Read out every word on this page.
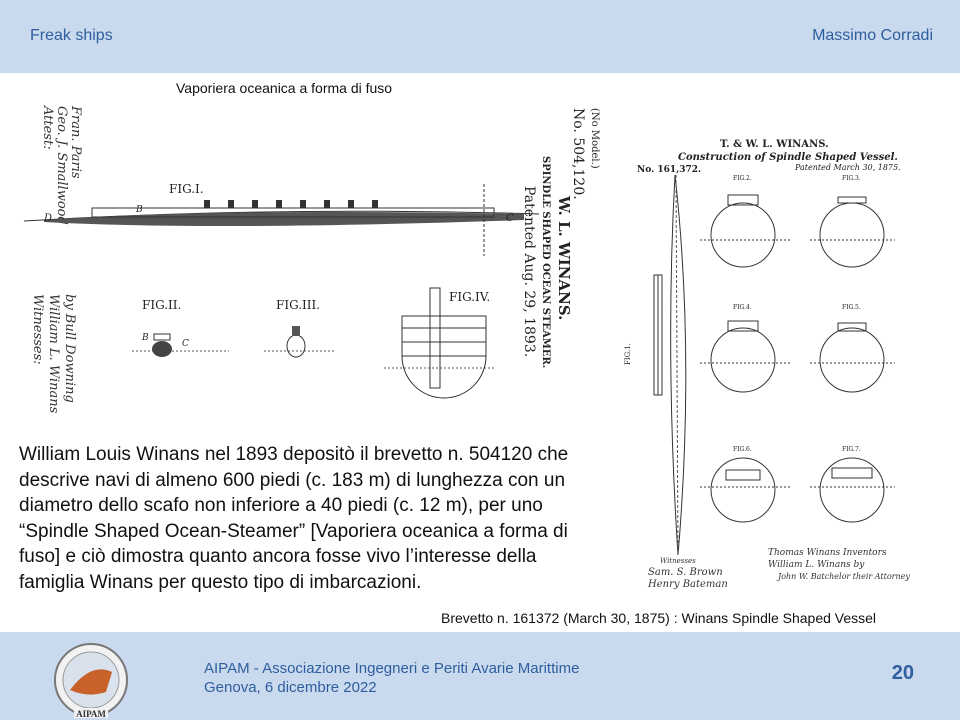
Freak ships	Massimo Corradi
Vaporiera oceanica a forma di fuso
Attest: Geo. J. Smallwood Fran. Paris
FIG.I.
D	C
B
FIG.II.
B
C
FIG.III.
FIG.IV.
Witnesses: William L. Winans by Bull Downing
(No Model.)
No. 504,120.
W. L. WINANS.
SPINDLE SHAPED OCEAN STEAMER.
Patented Aug. 29, 1893.
T. & W. L. WINANS.
Construction of Spindle Shaped Vessel.
No. 161,372.	Patented March 30, 1875.
FIG.1.
FIG.2.	FIG.3.
FIG.4.	FIG.5.
FIG.6.	FIG.7.
Witnesses
Sam. S. Brown
Henry Bateman
Thomas Winans Inventors
William L. Winans by
John W. Batchelor their Attorney

William Louis Winans nel 1893 depositò il brevetto n. 504120 che descrive navi di almeno 600 piedi (c. 183 m) di lunghezza con un diametro dello scafo non inferiore a 40 piedi (c. 12 m), per uno “Spindle Shaped Ocean-Steamer” [Vaporiera oceanica a forma di fuso] e ciò dimostra quanto ancora fosse vivo l’interesse della famiglia Winans per questo tipo di imbarcazioni.

Brevetto n. 161372 (March 30, 1875) : Winans Spindle Shaped Vessel
AIPAM
AIPAM - Associazione Ingegneri e Periti Avarie Marittime
Genova, 6 dicembre 2022
20
